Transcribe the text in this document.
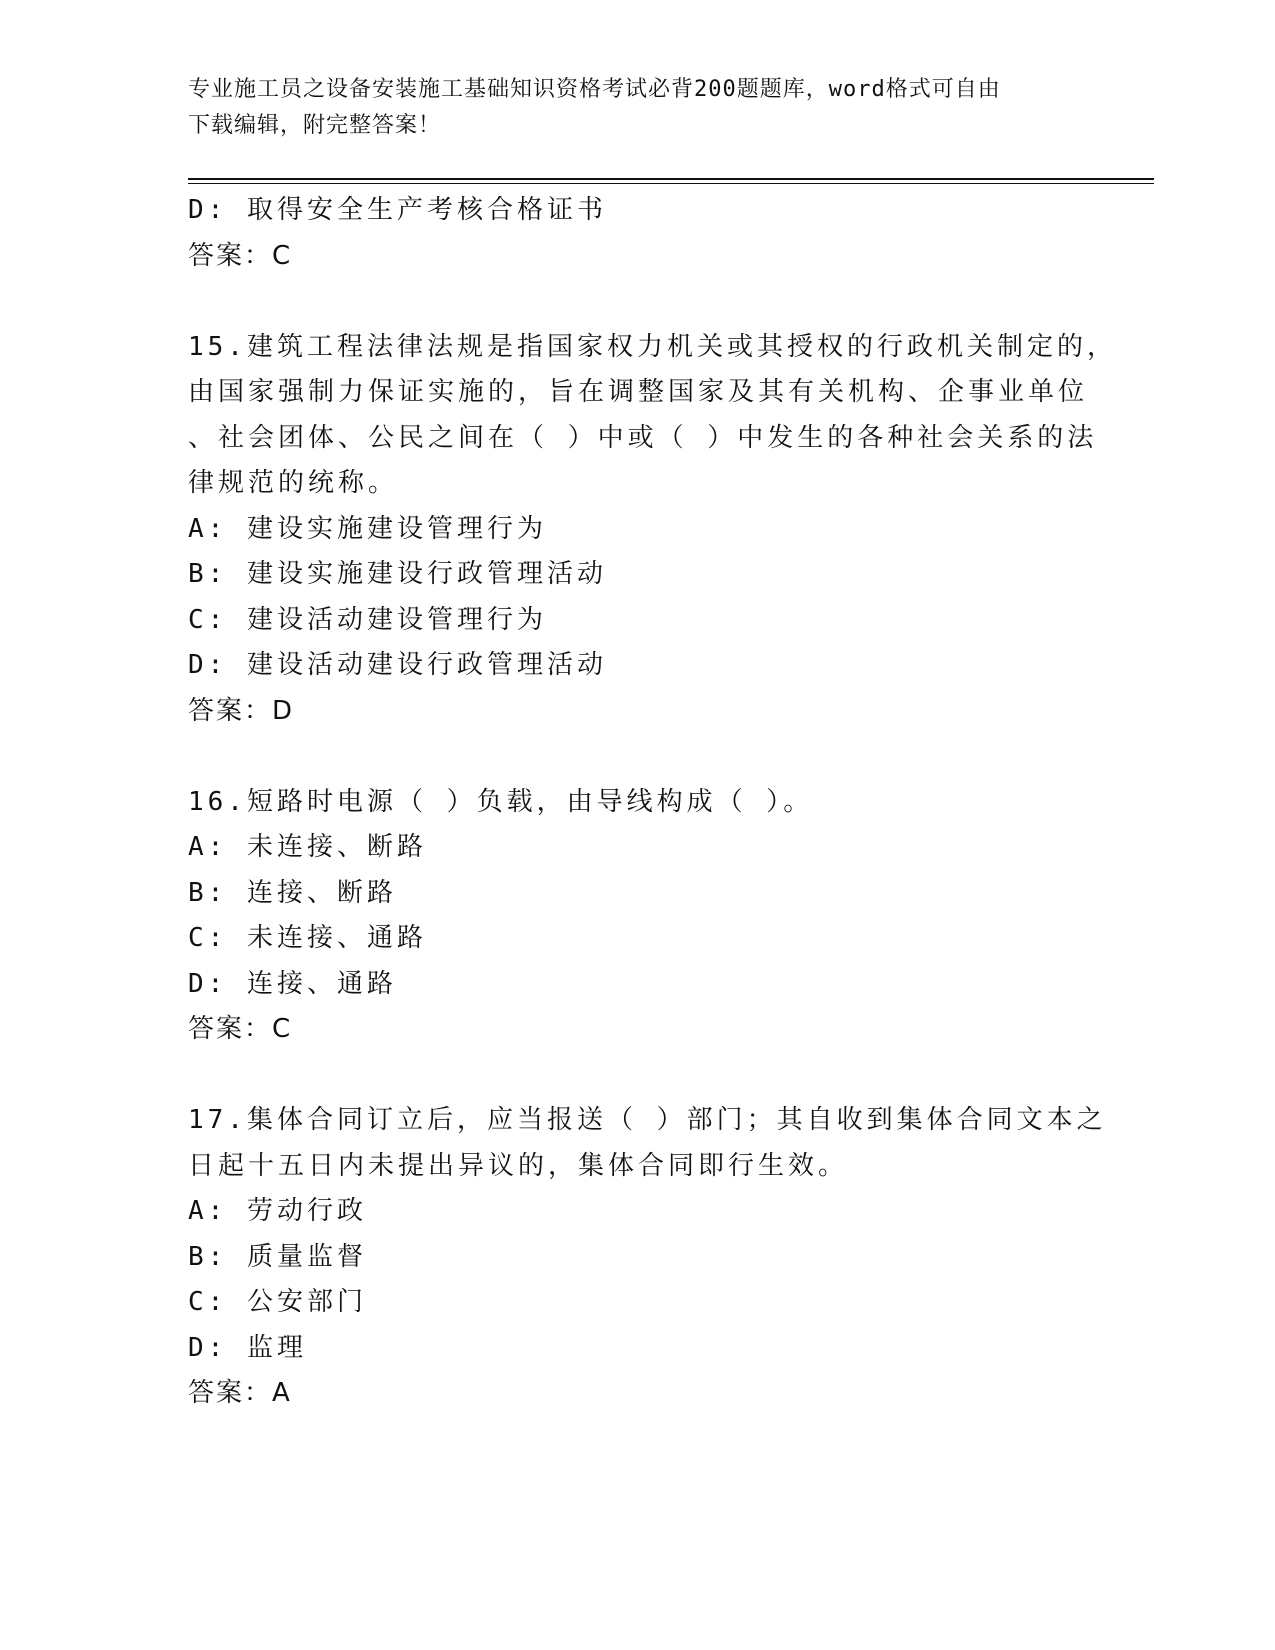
专业施工员之设备安装施工基础知识资格考试必背200题题库，word格式可自由
下载编辑，附完整答案！
D: 取得安全生产考核合格证书
答案：C
15.建筑工程法律法规是指国家权力机关或其授权的行政机关制定的，
由国家强制力保证实施的，旨在调整国家及其有关机构、企事业单位
、社会团体、公民之间在（ ）中或（ ）中发生的各种社会关系的法
律规范的统称。
A: 建设实施建设管理行为
B: 建设实施建设行政管理活动
C: 建设活动建设管理行为
D: 建设活动建设行政管理活动
答案：D
16.短路时电源（ ）负载，由导线构成（ ）。
A: 未连接、断路
B: 连接、断路
C: 未连接、通路
D: 连接、通路
答案：C
17.集体合同订立后，应当报送（ ）部门；其自收到集体合同文本之
日起十五日内未提出异议的，集体合同即行生效。
A: 劳动行政
B: 质量监督
C: 公安部门
D: 监理
答案：A
